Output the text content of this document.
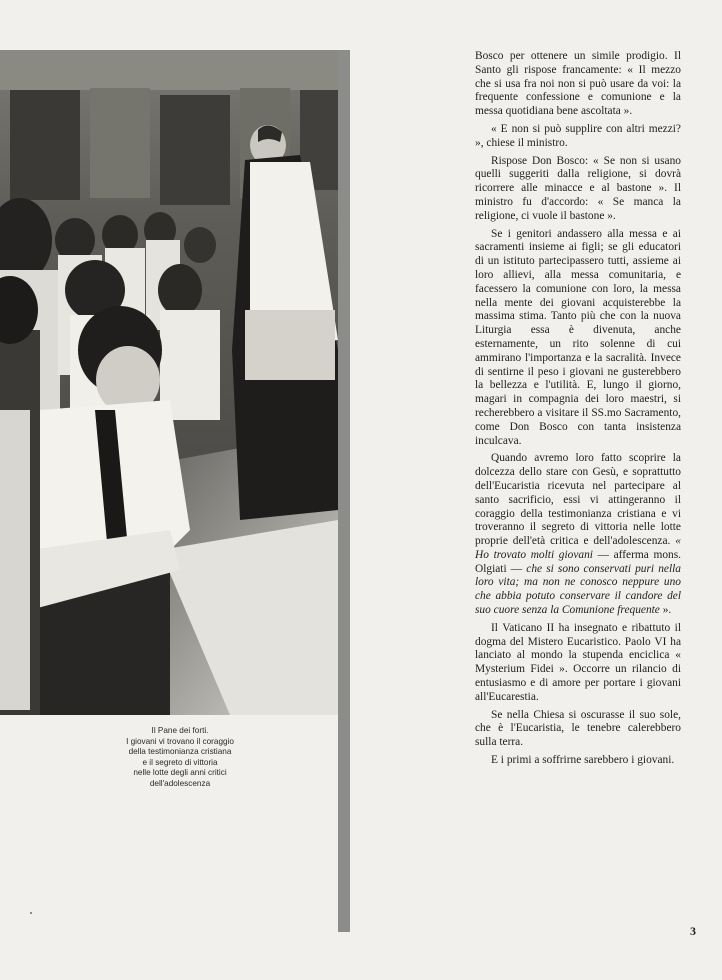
Il Pane dei forti.
I giovani vi trovano il coraggio
della testimonianza cristiana
e il segreto di vittoria
nelle lotte degli anni critici
dell'adolescenza

Bosco per ottenere un simile prodigio. Il Santo gli rispose francamente: « Il mezzo che si usa fra noi non si può usare da voi: la frequente confessione e comunione e la messa quotidiana bene ascoltata ».

« E non si può supplire con altri mezzi? », chiese il ministro.

Rispose Don Bosco: « Se non si usano quelli suggeriti dalla religione, si dovrà ricorrere alle minacce e al bastone ». Il ministro fu d'accordo: « Se manca la religione, ci vuole il bastone ».

Se i genitori andassero alla messa e ai sacramenti insieme ai figli; se gli educatori di un istituto partecipassero tutti, assieme ai loro allievi, alla messa comunitaria, e facessero la comunione con loro, la messa nella mente dei giovani acquisterebbe la massima stima. Tanto più che con la nuova Liturgia essa è divenuta, anche esternamente, un rito solenne di cui ammirano l'importanza e la sacralità. Invece di sentirne il peso i giovani ne gusterebbero la bellezza e l'utilità. E, lungo il giorno, magari in compagnia dei loro maestri, si recherebbero a visitare il SS.mo Sacramento, come Don Bosco con tanta insistenza inculcava.

Quando avremo loro fatto scoprire la dolcezza dello stare con Gesù, e soprattutto dell'Eucaristia ricevuta nel partecipare al santo sacrificio, essi vi attingeranno il coraggio della testimonianza cristiana e vi troveranno il segreto di vittoria nelle lotte proprie dell'età critica e dell'adolescenza. « Ho trovato molti giovani — afferma mons. Olgiati — che si sono conservati puri nella loro vita; ma non ne conosco neppure uno che abbia potuto conservare il candore del suo cuore senza la Comunione frequente ».

Il Vaticano II ha insegnato e ribattuto il dogma del Mistero Eucaristico. Paolo VI ha lanciato al mondo la stupenda enciclica « Mysterium Fidei ». Occorre un rilancio di entusiasmo e di amore per portare i giovani all'Eucarestia.

Se nella Chiesa si oscurasse il suo sole, che è l'Eucaristia, le tenebre calerebbero sulla terra.

E i primi a soffrirne sarebbero i giovani.

3
